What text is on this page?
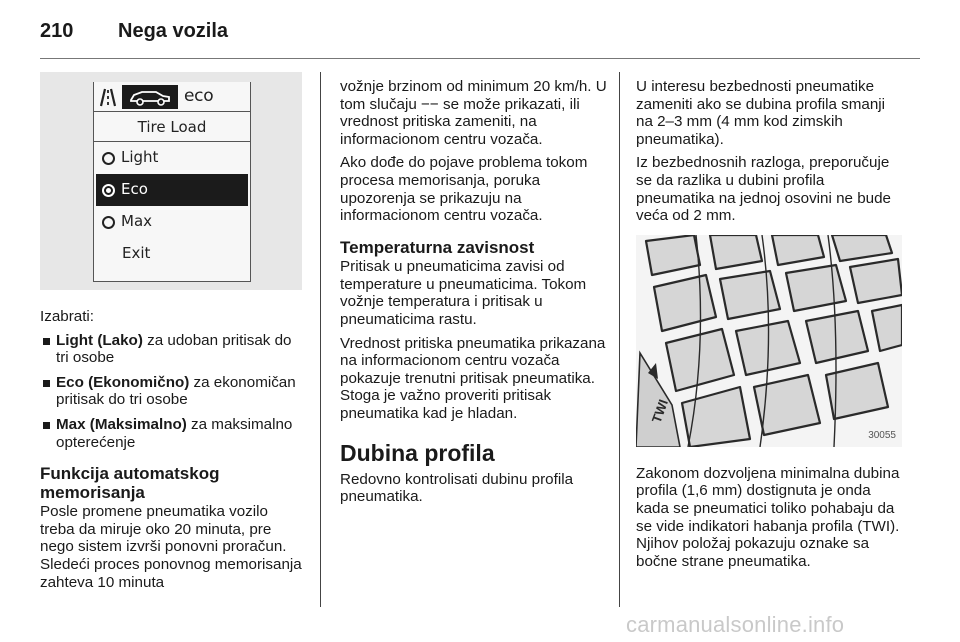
210	Nega vozila
eco
Tire Load
Light
Eco
Max
Exit

Izabrati:

Light (Lako) za udoban pritisak do tri osobe
Eco (Ekonomično) za ekonomičan pritisak do tri osobe
Max (Maksimalno) za maksimalno opterećenje
Funkcija automatskog memorisanja

Posle promene pneumatika vozilo treba da miruje oko 20 minuta, pre nego sistem izvrši ponovni proračun. Sledeći proces ponovnog memorisanja zahteva 10 minuta

vožnje brzinom od minimum 20 km/h. U tom slučaju −− se može prikazati, ili vrednost pritiska zameniti, na informacionom centru vozača.

Ako dođe do pojave problema tokom procesa memorisanja, poruka upozorenja se prikazuju na informacionom centru vozača.

Temperaturna zavisnost

Pritisak u pneumaticima zavisi od temperature u pneumaticima. Tokom vožnje temperatura i pritisak u pneumaticima rastu.

Vrednost pritiska pneumatika prikazana na informacionom centru vozača pokazuje trenutni pritisak pneumatika. Stoga je važno proveriti pritisak pneumatika kad je hladan.

Dubina profila

Redovno kontrolisati dubinu profila pneumatika.

U interesu bezbednosti pneumatike zameniti ako se dubina profila smanji na 2–3 mm (4 mm kod zimskih pneumatika).

Iz bezbednosnih razloga, preporučuje se da razlika u dubini profila pneumatika na jednoj osovini ne bude veća od 2 mm.

TWI
30055

Zakonom dozvoljena minimalna dubina profila (1,6 mm) dostignuta je onda kada se pneumatici toliko pohabaju da se vide indikatori habanja profila (TWI). Njihov položaj pokazuju oznake sa bočne strane pneumatika.

carmanualsonline.info
